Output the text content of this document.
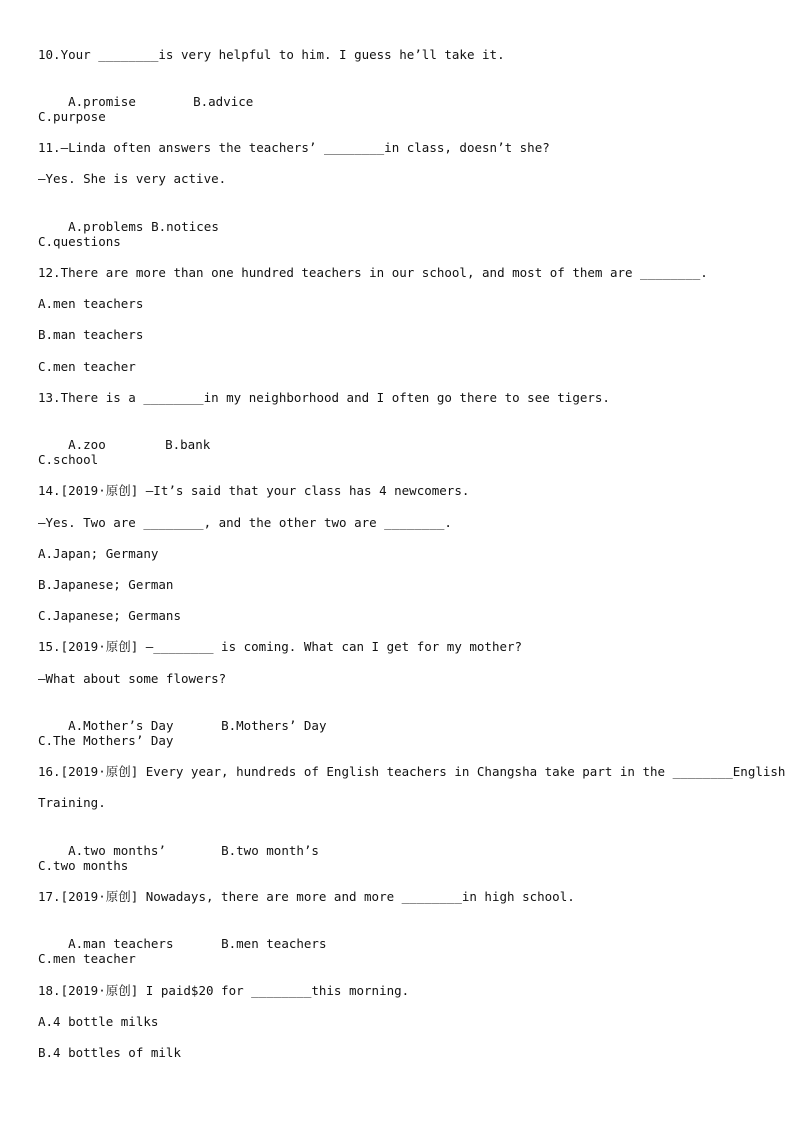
10.Your ________is very helpful to him. I guess he’ll take it.

A.promise	B.advice

C.purpose
11.—Linda often answers the teachers’ ________in class, doesn’t she?
—Yes. She is very active.

A.problems B.notices

C.questions
12.There are more than one hundred teachers in our school, and most of them are ________.
A.men teachers
B.man teachers
C.men teacher
13.There is a ________in my neighborhood and I often go there to see tigers.

A.zoo	B.bank

C.school
14.[2019·原创] —It’s said that your class has 4 newcomers.
—Yes. Two are ________, and the other two are ________.
A.Japan; Germany
B.Japanese; German
C.Japanese; Germans
15.[2019·原创] —________ is coming. What can I get for my mother?
—What about some flowers?

A.Mother’s Day	B.Mothers’ Day

C.The Mothers’ Day
16.[2019·原创] Every year, hundreds of English teachers in Changsha take part in the ________English
Training.

A.two months’	B.two month’s

C.two months
17.[2019·原创] Nowadays, there are more and more ________in high school.

A.man teachers	B.men teachers

C.men teacher
18.[2019·原创] I paid$20 for ________this morning.
A.4 bottle milks
B.4 bottles of milk
